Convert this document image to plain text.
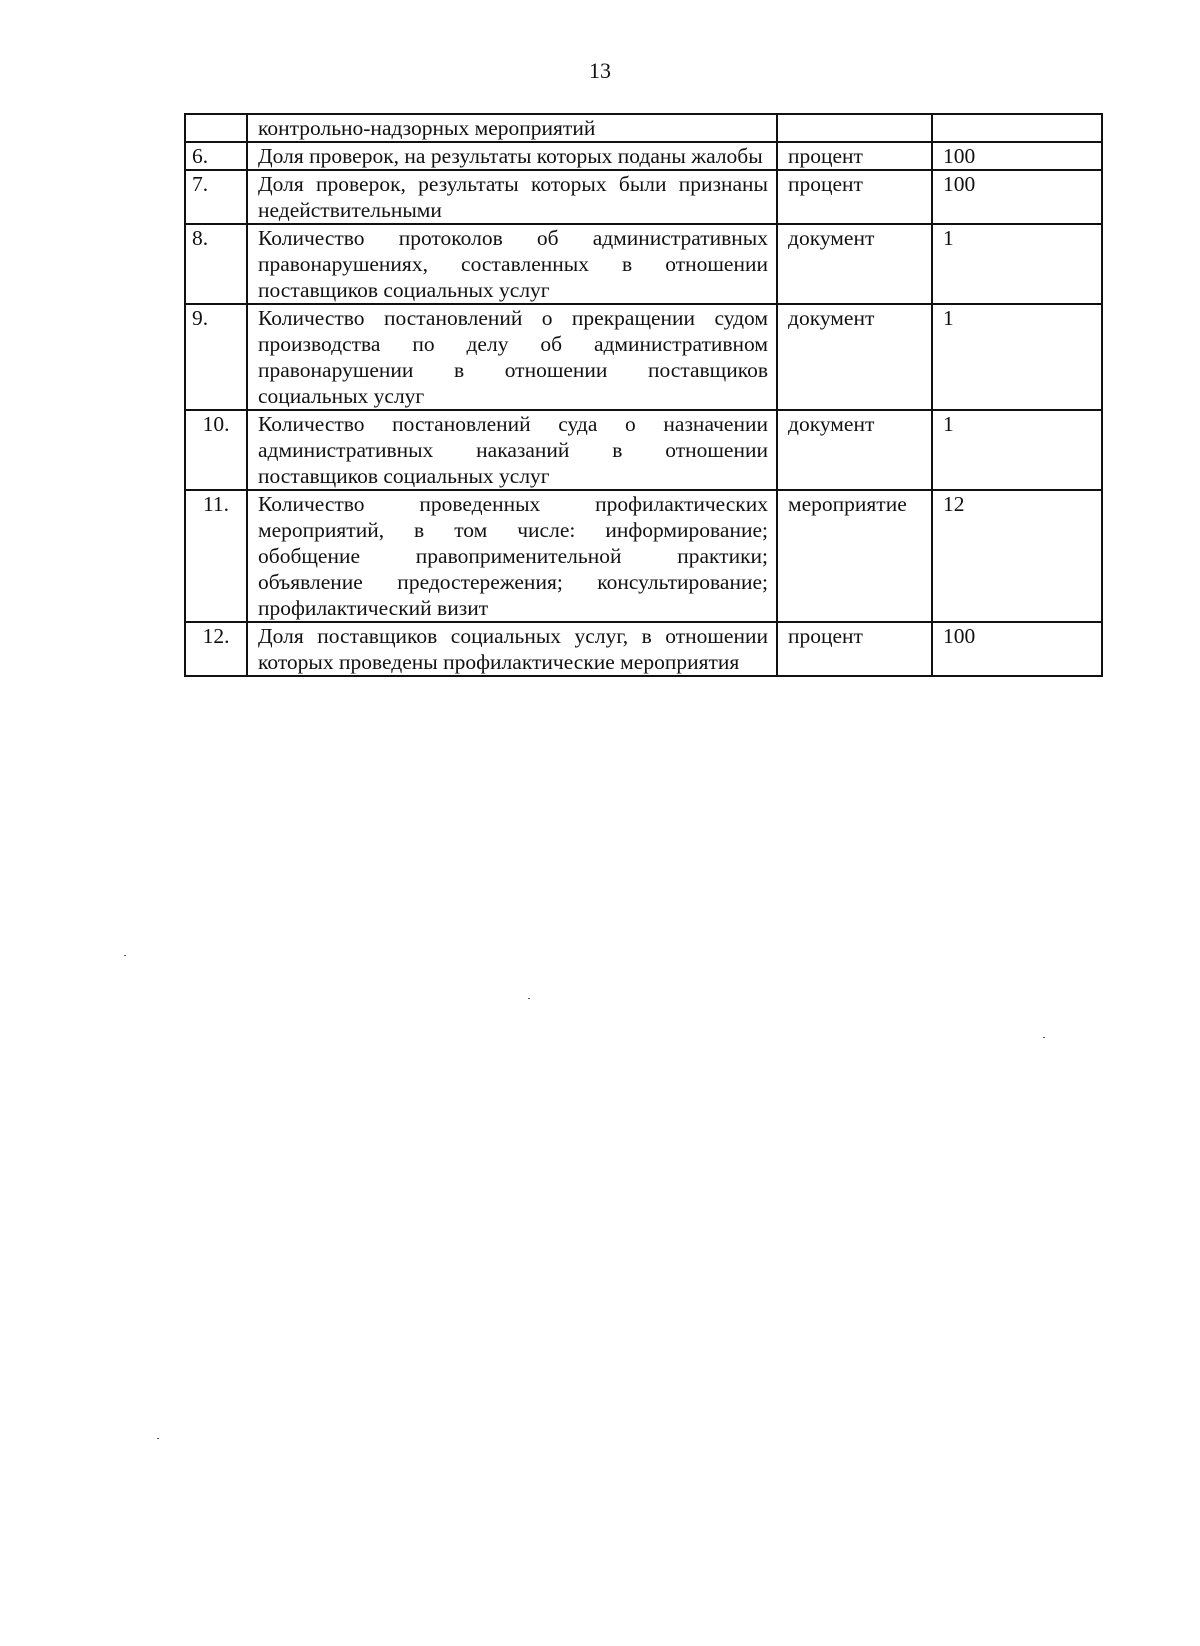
13
	контрольно-надзорных мероприятий		
6.	Доля проверок, на результаты которых поданы жалобы	процент	100
7.	Доля проверок, результаты которых были признаны недействительными	процент	100
8.	Количество протоколов об административных правонарушениях, составленных в отношении поставщиков социальных услуг	документ	1
9.	Количество постановлений о прекращении судом производства по делу об административном правонарушении в отношении поставщиков социальных услуг	документ	1
10.	Количество постановлений суда о назначении административных наказаний в отношении поставщиков социальных услуг	документ	1
11.	Количество проведенных профилактических мероприятий, в том числе: информирование; обобщение правоприменительной практики; объявление предостережения; консультирование; профилактический визит	мероприятие	12
12.	Доля поставщиков социальных услуг, в отношении которых проведены профилактические мероприятия	процент	100
